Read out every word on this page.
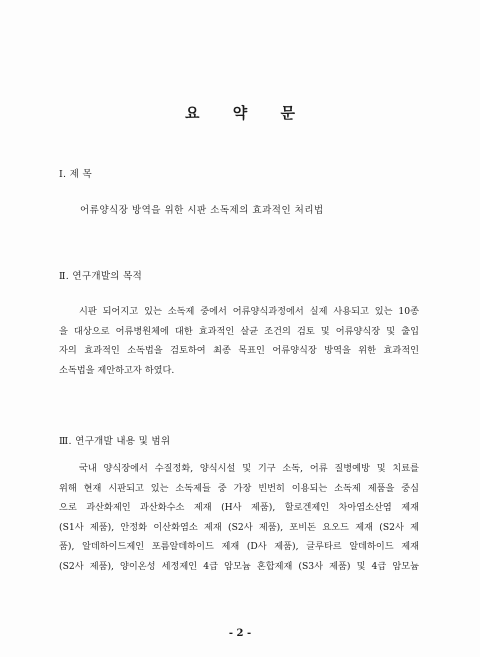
요 약 문
Ⅰ. 제 목
어류양식장 방역을 위한 시판 소독제의 효과적인 처리법
Ⅱ. 연구개발의 목적
시판 되어지고 있는 소독제 중에서 어류양식과정에서 실제 사용되고 있는 10종
을 대상으로 어류병원체에 대한 효과적인 살균 조건의 검토 및 어류양식장 및 출입
자의 효과적인 소독법을 검토하여 최종 목표인 어류양식장 방역을 위한 효과적인
소독법을 제안하고자 하였다.
Ⅲ. 연구개발 내용 및 범위
국내 양식장에서 수질정화, 양식시설 및 기구 소독, 어류 질병예방 및 치료를
위해 현재 시판되고 있는 소독제들 중 가장 빈번히 이용되는 소독제 제품을 중심
으로 과산화제인 과산화수소 제재 (H사 제품), 할로겐제인 차아염소산염 제재
(S1사 제품), 안정화 이산화염소 제재 (S2사 제품), 포비돈 요오드 제재 (S2사 제
품), 알데하이드제인 포름알데하이드 제재 (D사 제품), 글루타르 알데하이드 제재
(S2사 제품), 양이온성 세정제인 4급 암모늄 혼합제재 (S3사 제품) 및 4급 암모늄
- 2 -
